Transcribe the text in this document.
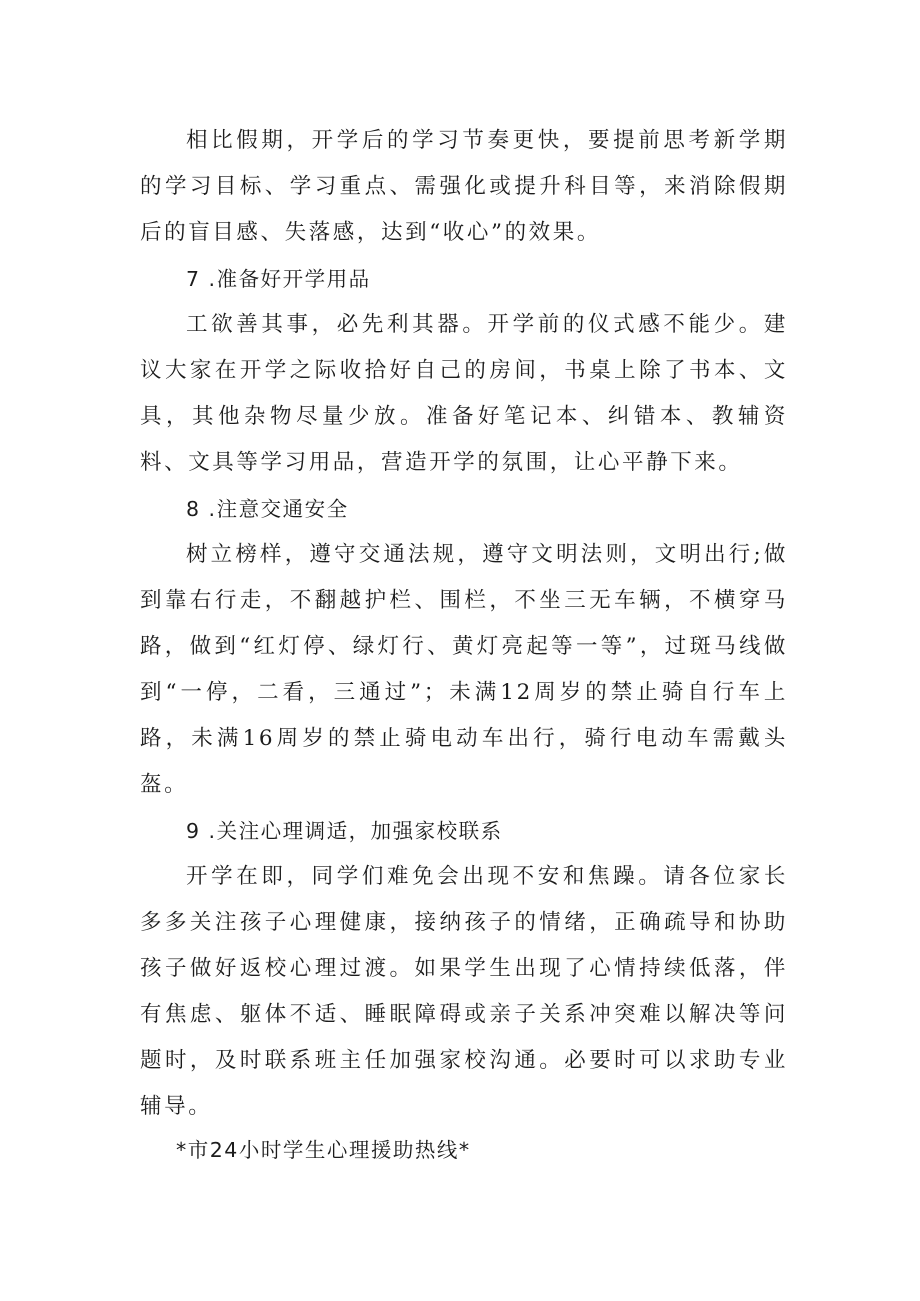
相比假期，开学后的学习节奏更快，要提前思考新学期的学习目标、学习重点、需强化或提升科目等，来消除假期后的盲目感、失落感，达到“收心”的效果。

7 .准备好开学用品

工欲善其事，必先利其器。开学前的仪式感不能少。建议大家在开学之际收拾好自己的房间，书桌上除了书本、文具，其他杂物尽量少放。准备好笔记本、纠错本、教辅资料、文具等学习用品，营造开学的氛围，让心平静下来。

8 .注意交通安全

树立榜样，遵守交通法规，遵守文明法则，文明出行;做到靠右行走，不翻越护栏、围栏，不坐三无车辆，不横穿马路，做到“红灯停、绿灯行、黄灯亮起等一等”，过斑马线做到“一停，二看，三通过”；未满12周岁的禁止骑自行车上路，未满16周岁的禁止骑电动车出行，骑行电动车需戴头盔。

9 .关注心理调适，加强家校联系

开学在即，同学们难免会出现不安和焦躁。请各位家长多多关注孩子心理健康，接纳孩子的情绪，正确疏导和协助孩子做好返校心理过渡。如果学生出现了心情持续低落，伴有焦虑、躯体不适、睡眠障碍或亲子关系冲突难以解决等问题时，及时联系班主任加强家校沟通。必要时可以求助专业辅导。

*市24小时学生心理援助热线*
